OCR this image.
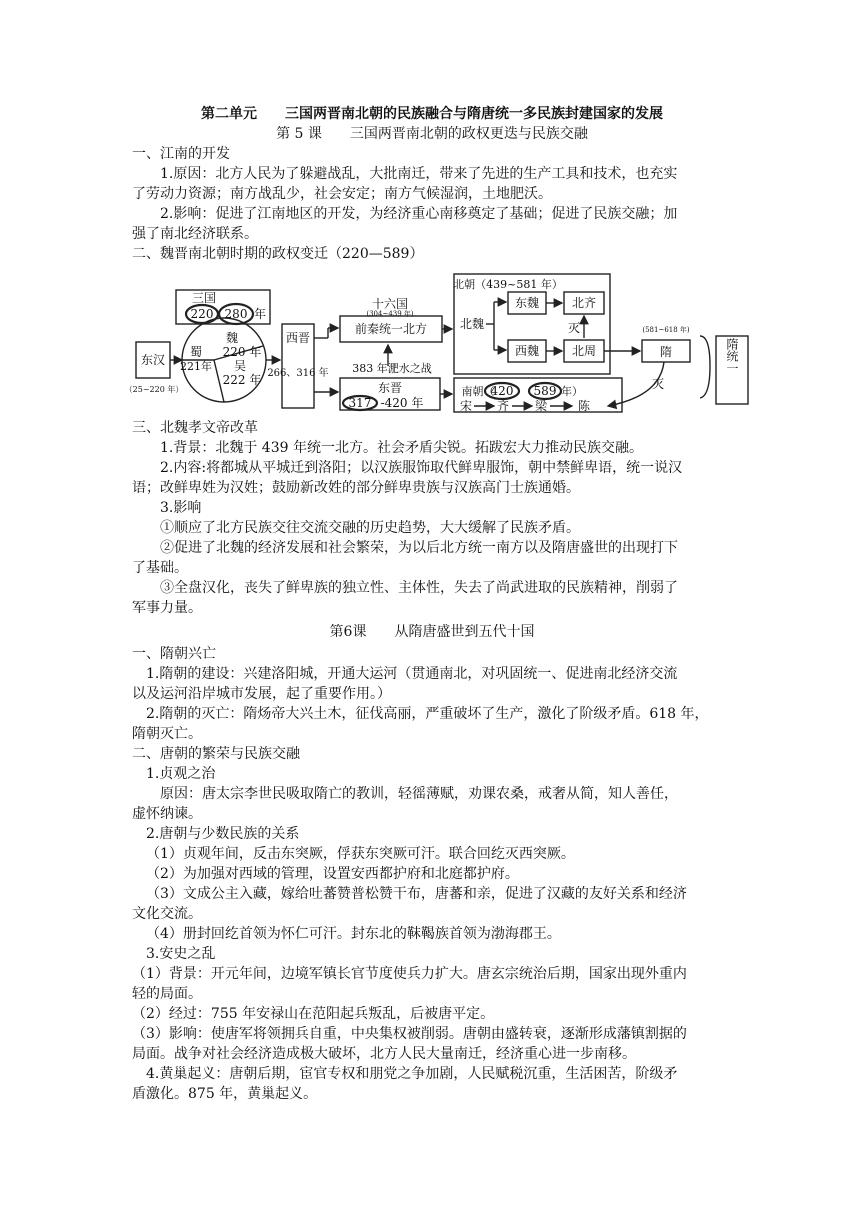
第二单元　　三国两晋南北朝的民族融合与隋唐统一多民族封建国家的发展
第 5 课　　三国两晋南北朝的政权更迭与民族交融
一、江南的开发
1.原因：北方人民为了躲避战乱，大批南迁，带来了先进的生产工具和技术，也充实
了劳动力资源；南方战乱少，社会安定；南方气候湿润，土地肥沃。
2.影响：促进了江南地区的开发，为经济重心南移奠定了基础；促进了民族交融；加
强了南北经济联系。
二、魏晋南北朝时期的政权变迁（220—589）
三国
220 280 年
东汉
（25~220 年）
魏
220 年
蜀
221年 吴
222 年
西晋
266、316 年
十六国
(304~439 年)
前秦统一北方
383 年淝水之战
东晋
317 -420 年
北朝（439~581 年）
北魏
东魏
西魏
北齐
北周
灭
南朝（
420 589 年）
宋 齐 梁	陈
隋
(581~618 年)
灭
隋统一
三、北魏孝文帝改革
1.背景：北魏于 439 年统一北方。社会矛盾尖锐。拓跋宏大力推动民族交融。
2.内容:将都城从平城迁到洛阳；以汉族服饰取代鲜卑服饰，朝中禁鲜卑语，统一说汉
语；改鲜卑姓为汉姓；鼓励新改姓的部分鲜卑贵族与汉族高门士族通婚。
3.影响
①顺应了北方民族交往交流交融的历史趋势，大大缓解了民族矛盾。
②促进了北魏的经济发展和社会繁荣，为以后北方统一南方以及隋唐盛世的出现打下
了基础。
③全盘汉化，丧失了鲜卑族的独立性、主体性，失去了尚武进取的民族精神，削弱了
军事力量。
第6课　　从隋唐盛世到五代十国
一、隋朝兴亡
1.隋朝的建设：兴建洛阳城，开通大运河（贯通南北，对巩固统一、促进南北经济交流
以及运河沿岸城市发展，起了重要作用。）
2.隋朝的灭亡：隋炀帝大兴土木，征伐高丽，严重破坏了生产，激化了阶级矛盾。618 年，
隋朝灭亡。
二、唐朝的繁荣与民族交融
1.贞观之治
原因：唐太宗李世民吸取隋亡的教训，轻徭薄赋，劝课农桑，戒奢从简，知人善任，
虚怀纳谏。
2.唐朝与少数民族的关系
（1）贞观年间，反击东突厥，俘获东突厥可汗。联合回纥灭西突厥。
（2）为加强对西域的管理，设置安西都护府和北庭都护府。
（3）文成公主入藏，嫁给吐蕃赞普松赞干布，唐蕃和亲，促进了汉藏的友好关系和经济
文化交流。
（4）册封回纥首领为怀仁可汗。封东北的靺鞨族首领为渤海郡王。
3.安史之乱
（1）背景：开元年间，边境军镇长官节度使兵力扩大。唐玄宗统治后期，国家出现外重内
轻的局面。
（2）经过：755 年安禄山在范阳起兵叛乱，后被唐平定。
（3）影响：使唐军将领拥兵自重，中央集权被削弱。唐朝由盛转衰，逐渐形成藩镇割据的
局面。战争对社会经济造成极大破坏，北方人民大量南迁，经济重心进一步南移。
4.黄巢起义：唐朝后期，宦官专权和朋党之争加剧，人民赋税沉重，生活困苦，阶级矛
盾激化。875 年，黄巢起义。
